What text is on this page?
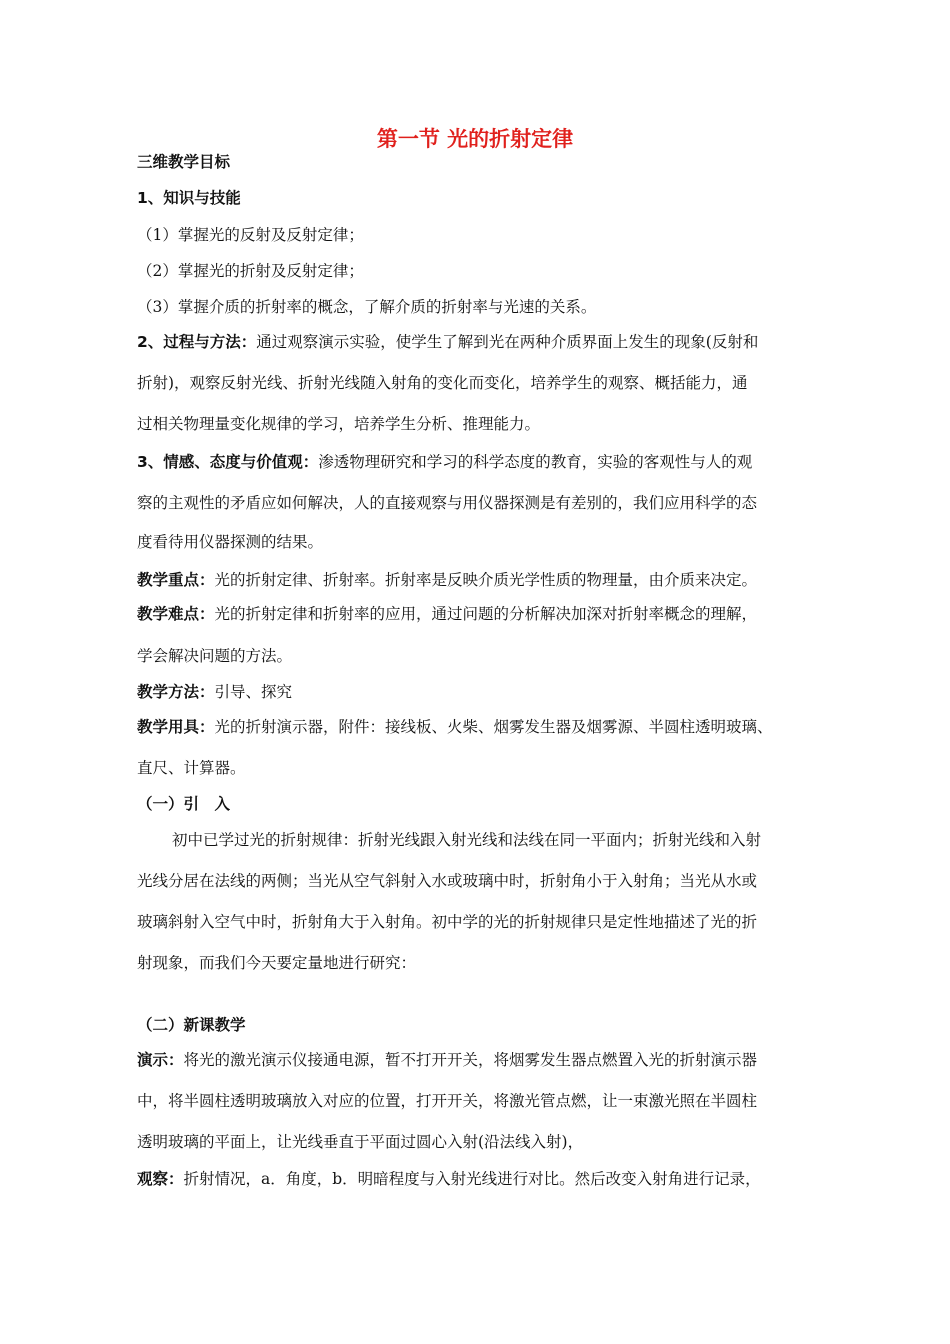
第一节 光的折射定律
三维教学目标
1、知识与技能
（1）掌握光的反射及反射定律；
（2）掌握光的折射及反射定律；
（3）掌握介质的折射率的概念，了解介质的折射率与光速的关系。
2、过程与方法：通过观察演示实验，使学生了解到光在两种介质界面上发生的现象(反射和
折射)，观察反射光线、折射光线随入射角的变化而变化，培养学生的观察、概括能力，通
过相关物理量变化规律的学习，培养学生分析、推理能力。
3、情感、态度与价值观：渗透物理研究和学习的科学态度的教育，实验的客观性与人的观
察的主观性的矛盾应如何解决，人的直接观察与用仪器探测是有差别的，我们应用科学的态
度看待用仪器探测的结果。
教学重点：光的折射定律、折射率。折射率是反映介质光学性质的物理量，由介质来决定。
教学难点：光的折射定律和折射率的应用，通过问题的分析解决加深对折射率概念的理解，
学会解决问题的方法。
教学方法：引导、探究
教学用具：光的折射演示器，附件：接线板、火柴、烟雾发生器及烟雾源、半圆柱透明玻璃、
直尺、计算器。
（一）引　入
初中已学过光的折射规律：折射光线跟入射光线和法线在同一平面内；折射光线和入射
光线分居在法线的两侧；当光从空气斜射入水或玻璃中时，折射角小于入射角；当光从水或
玻璃斜射入空气中时，折射角大于入射角。初中学的光的折射规律只是定性地描述了光的折
射现象，而我们今天要定量地进行研究：
（二）新课教学
演示：将光的激光演示仪接通电源，暂不打开开关，将烟雾发生器点燃置入光的折射演示器
中，将半圆柱透明玻璃放入对应的位置，打开开关，将激光管点燃，让一束激光照在半圆柱
透明玻璃的平面上，让光线垂直于平面过圆心入射(沿法线入射)，
观察：折射情况，a．角度，b．明暗程度与入射光线进行对比。然后改变入射角进行记录，
